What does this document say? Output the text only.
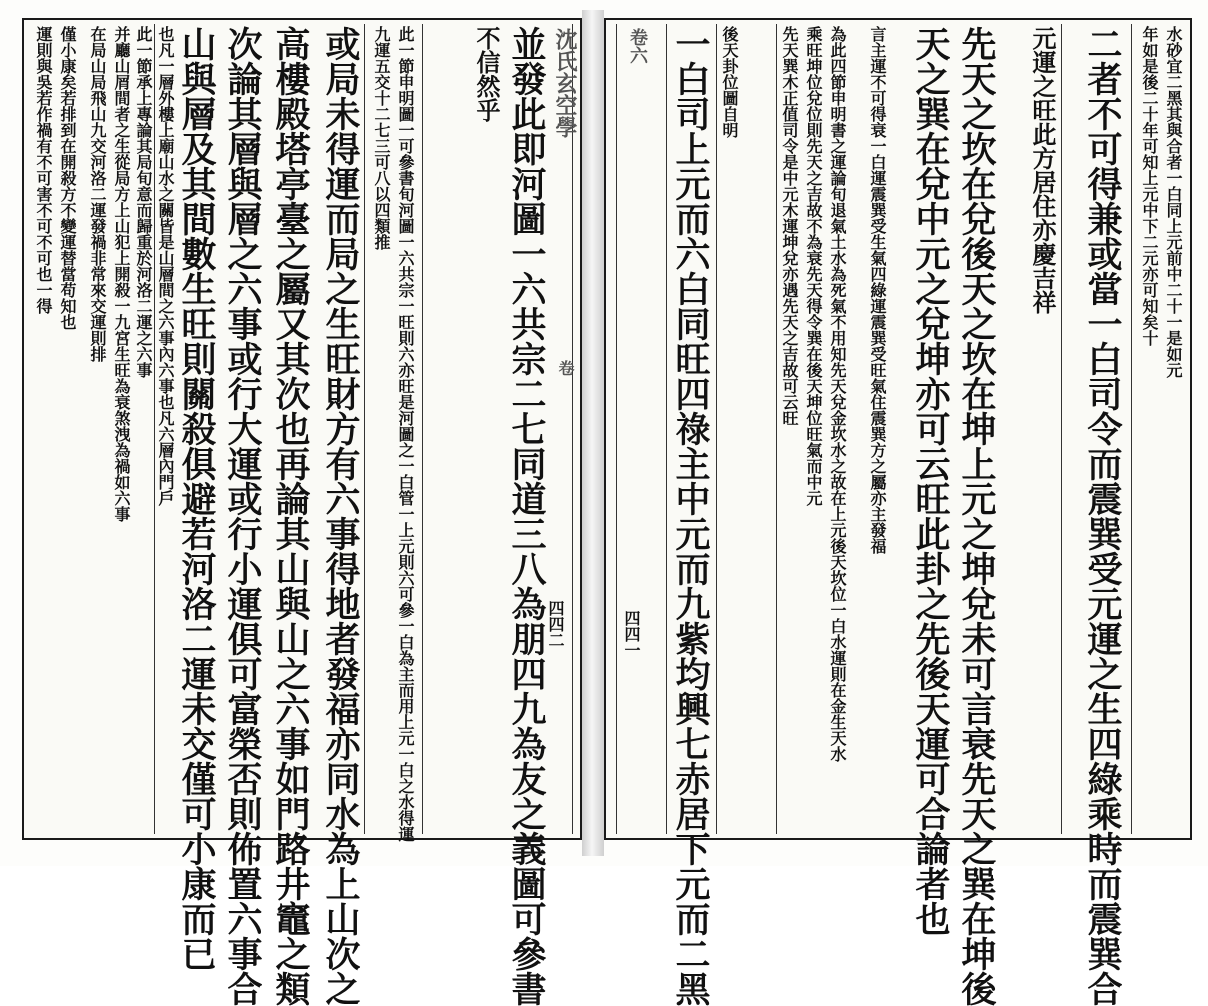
運則與吳若作禍有不可害不可不可也一得 僅小康矣若排到在開殺方不變運替當苟知也 在局山局飛山九交河洛二運發禍非常來交運則排 并廳山屑間者之生從局方上山犯上開殺一九宮生旺為衰煞洩為禍如六事 此一節承上專論其局旬意而歸重於河洛二運之六事 也凡一層外樓上廟山水之關皆是山層間之六事內六事也凡六層內門戶 山與層及其間數生旺則關殺俱避若河洛二運未交僅可小康而已 次論其層與層之六事或行大運或行小運俱可富榮否則佈置六事合 高樓殿塔亭臺之屬又其次也再論其山與山之六事如門路井竈之類 或局未得運而局之生旺財方有六事得地者發福亦同水為上山次之 九運五交十二七三可八以四類推 此一節申明圖一可參書旬河圖一六共宗一旺則六亦旺是河圖之一白管一上元則六可參一白為主而用上元一白之水得運	不信然乎 並發此即河圖一六共宗二七同道三八為朋四九為友之義圖可參書 沈氏玄空學
卷
四四二
卷六
四四一 一白司上元而六白同旺四祿主中元而九紫均興七赤居下元而二黑 後天卦位圖自明	先天巽木正值司令是中元木運坤兌亦遇先天之吉故可云旺 乘旺坤位兌位則先天之吉故不為衰先天得令巽在後天坤位旺氣而中元 為此四節申明書之運論旬退氣土水為死氣不用知先天兌金坎水之故在上元後天坎位一白水運則在金生天水 言主運不可得衰一白運震巽受生氣四綠運震巽受旺氣住震巽方之屬亦主發福 天之巽在兌中元之兌坤亦可云旺此卦之先後天運可合論者也 先天之坎在兌後天之坎在坤上元之坤兌未可言衰先天之巽在坤後	元運之旺此方居住亦慶吉祥 二者不可得兼或當一白司令而震巽受元運之生四綠乘時而震巽合 年如是後二十年可知上元中下二元亦可知矣十 水砂宜二黑其與合者一白同上元前中二十一是如元
